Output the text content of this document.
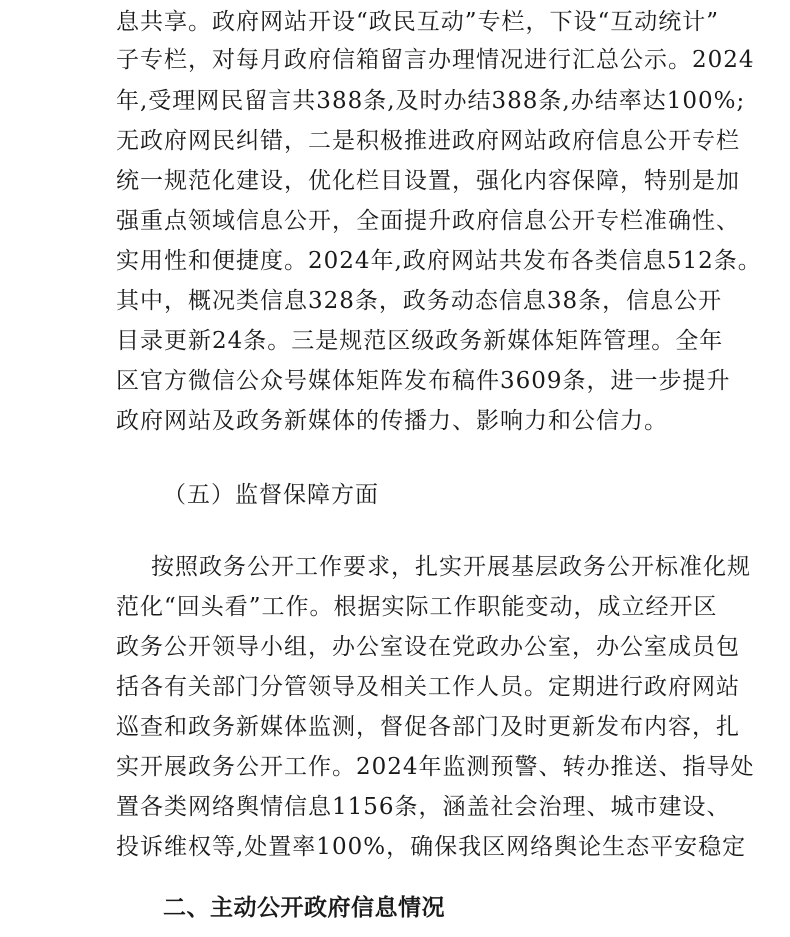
息共享。政府网站开设“政民互动”专栏，下设“互动统计”
子专栏，对每月政府信箱留言办理情况进行汇总公示。2024
年,受理网民留言共388条,及时办结388条,办结率达100%;
无政府网民纠错，二是积极推进政府网站政府信息公开专栏
统一规范化建设，优化栏目设置，强化内容保障，特别是加
强重点领域信息公开，全面提升政府信息公开专栏准确性、
实用性和便捷度。2024年,政府网站共发布各类信息512条。
其中，概况类信息328条，政务动态信息38条，信息公开
目录更新24条。三是规范区级政务新媒体矩阵管理。全年
区官方微信公众号媒体矩阵发布稿件3609条，进一步提升
政府网站及政务新媒体的传播力、影响力和公信力。
（五）监督保障方面
按照政务公开工作要求，扎实开展基层政务公开标准化规
范化“回头看”工作。根据实际工作职能变动，成立经开区
政务公开领导小组，办公室设在党政办公室，办公室成员包
括各有关部门分管领导及相关工作人员。定期进行政府网站
巡查和政务新媒体监测，督促各部门及时更新发布内容，扎
实开展政务公开工作。2024年监测预警、转办推送、指导处
置各类网络舆情信息1156条，涵盖社会治理、城市建设、
投诉维权等,处置率100%，确保我区网络舆论生态平安稳定
二、主动公开政府信息情况
